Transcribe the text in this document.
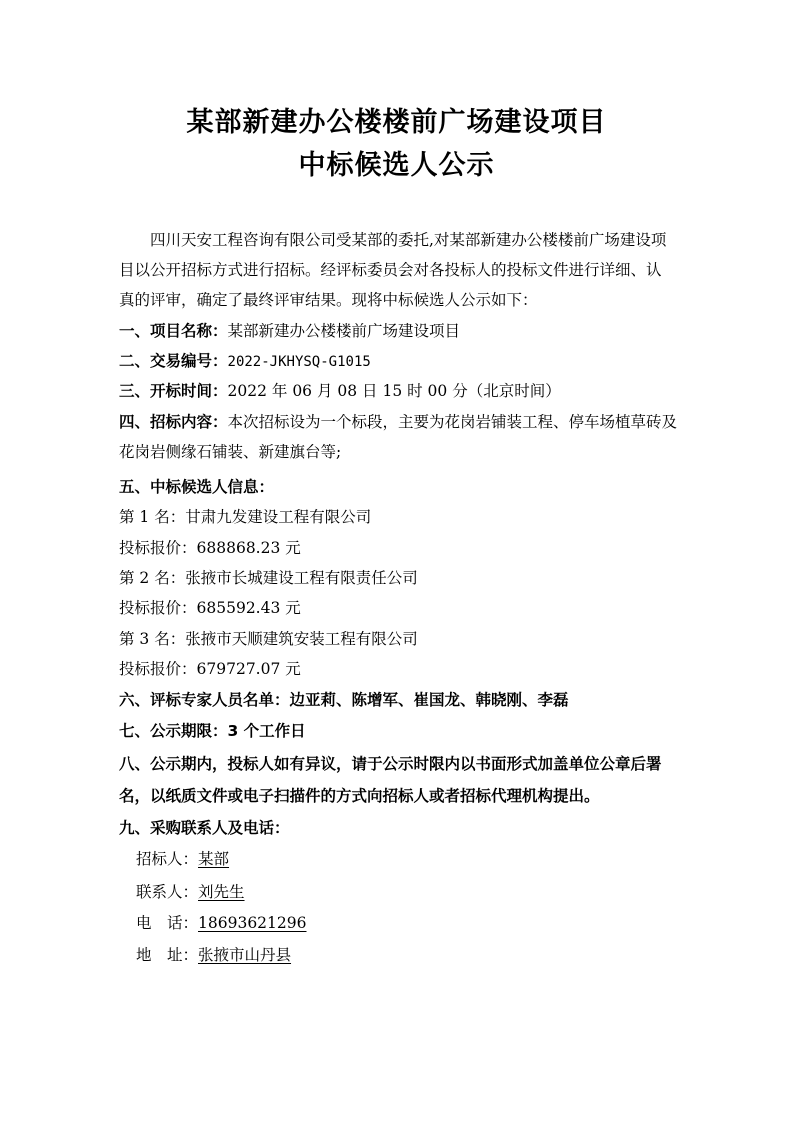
某部新建办公楼楼前广场建设项目
中标候选人公示
四川天安工程咨询有限公司受某部的委托,对某部新建办公楼楼前广场建设项目以公开招标方式进行招标。经评标委员会对各投标人的投标文件进行详细、认真的评审，确定了最终评审结果。现将中标候选人公示如下：
一、项目名称：某部新建办公楼楼前广场建设项目
二、交易编号：2022-JKHYSQ-G1015
三、开标时间：2022 年 06 月 08 日 15 时 00 分（北京时间）
四、招标内容：本次招标设为一个标段，主要为花岗岩铺装工程、停车场植草砖及花岗岩侧缘石铺装、新建旗台等;
五、中标候选人信息：
第 1 名：甘肃九发建设工程有限公司
投标报价：688868.23 元
第 2 名：张掖市长城建设工程有限责任公司
投标报价：685592.43 元
第 3 名：张掖市天顺建筑安装工程有限公司
投标报价：679727.07 元
六、评标专家人员名单：边亚莉、陈增军、崔国龙、韩晓刚、李磊
七、公示期限：3 个工作日
八、公示期内，投标人如有异议，请于公示时限内以书面形式加盖单位公章后署名，以纸质文件或电子扫描件的方式向招标人或者招标代理机构提出。
九、采购联系人及电话：
招标人：某部
联系人：刘先生
电　话：18693621296
地　址：张掖市山丹县
